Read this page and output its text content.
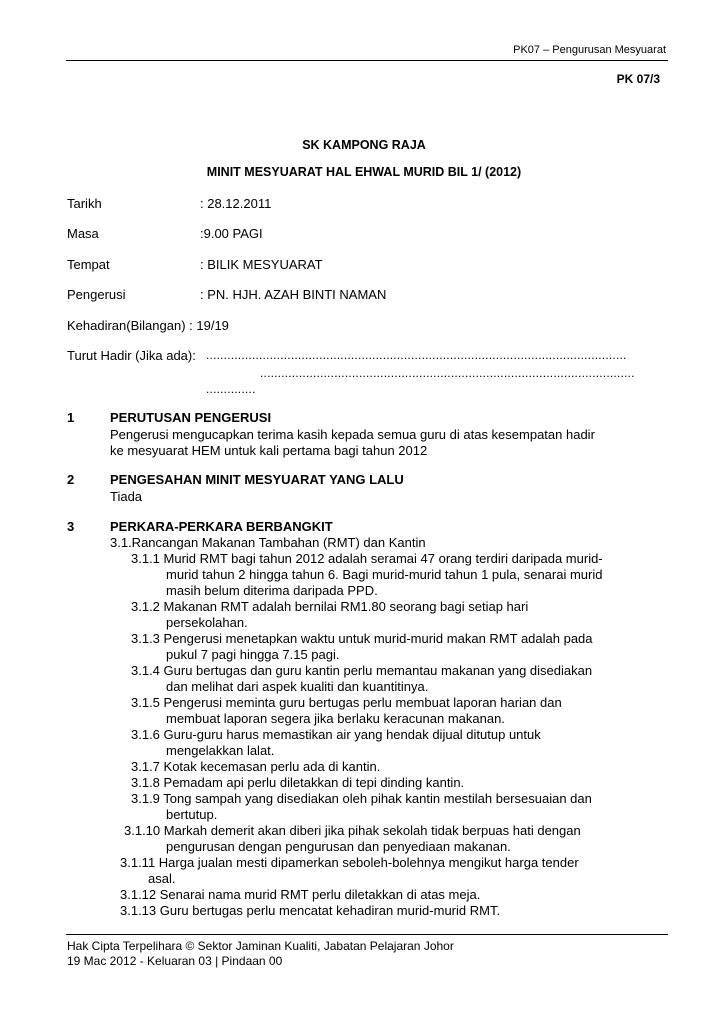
PK07 – Pengurusan Mesyuarat
PK 07/3
SK KAMPONG RAJA
MINIT MESYUARAT HAL EHWAL MURID BIL 1/ (2012)
Tarikh	: 28.12.2011
Masa	:9.00 PAGI
Tempat	: BILIK MESYUARAT
Pengerusi	: PN. HJH. AZAH BINTI NAMAN
Kehadiran(Bilangan) : 19/19
Turut Hadir (Jika ada): .......................................................................................................................
..........................................................................................................
..............
1	PERUTUSAN PENGERUSI
Pengerusi mengucapkan terima kasih kepada semua guru di atas kesempatan hadir
ke mesyuarat HEM untuk kali pertama bagi tahun 2012
2	PENGESAHAN MINIT MESYUARAT YANG LALU
Tiada
3	PERKARA-PERKARA BERBANGKIT
3.1.Rancangan Makanan Tambahan (RMT) dan Kantin
3.1.1 Murid RMT bagi tahun 2012 adalah seramai 47 orang terdiri daripada murid-
murid tahun 2 hingga tahun 6. Bagi murid-murid tahun 1 pula, senarai murid
masih belum diterima daripada PPD.
3.1.2 Makanan RMT adalah bernilai RM1.80 seorang bagi setiap hari
persekolahan.
3.1.3 Pengerusi menetapkan waktu untuk murid-murid makan RMT adalah pada
pukul 7 pagi hingga 7.15 pagi.
3.1.4 Guru bertugas dan guru kantin perlu memantau makanan yang disediakan
dan melihat dari aspek kualiti dan kuantitinya.
3.1.5 Pengerusi meminta guru bertugas perlu membuat laporan harian dan
membuat laporan segera jika berlaku keracunan makanan.
3.1.6 Guru-guru harus memastikan air yang hendak dijual ditutup untuk
mengelakkan lalat.
3.1.7 Kotak kecemasan perlu ada di kantin.
3.1.8 Pemadam api perlu diletakkan di tepi dinding kantin.
3.1.9 Tong sampah yang disediakan oleh pihak kantin mestilah bersesuaian dan
bertutup.
3.1.10 Markah demerit akan diberi jika pihak sekolah tidak berpuas hati dengan
pengurusan dengan pengurusan dan penyediaan makanan.
3.1.11 Harga jualan mesti dipamerkan seboleh-bolehnya mengikut harga tender
asal.
3.1.12 Senarai nama murid RMT perlu diletakkan di atas meja.
3.1.13 Guru bertugas perlu mencatat kehadiran murid-murid RMT.
Hak Cipta Terpelihara © Sektor Jaminan Kualiti, Jabatan Pelajaran Johor
19 Mac 2012 - Keluaran 03 | Pindaan 00
